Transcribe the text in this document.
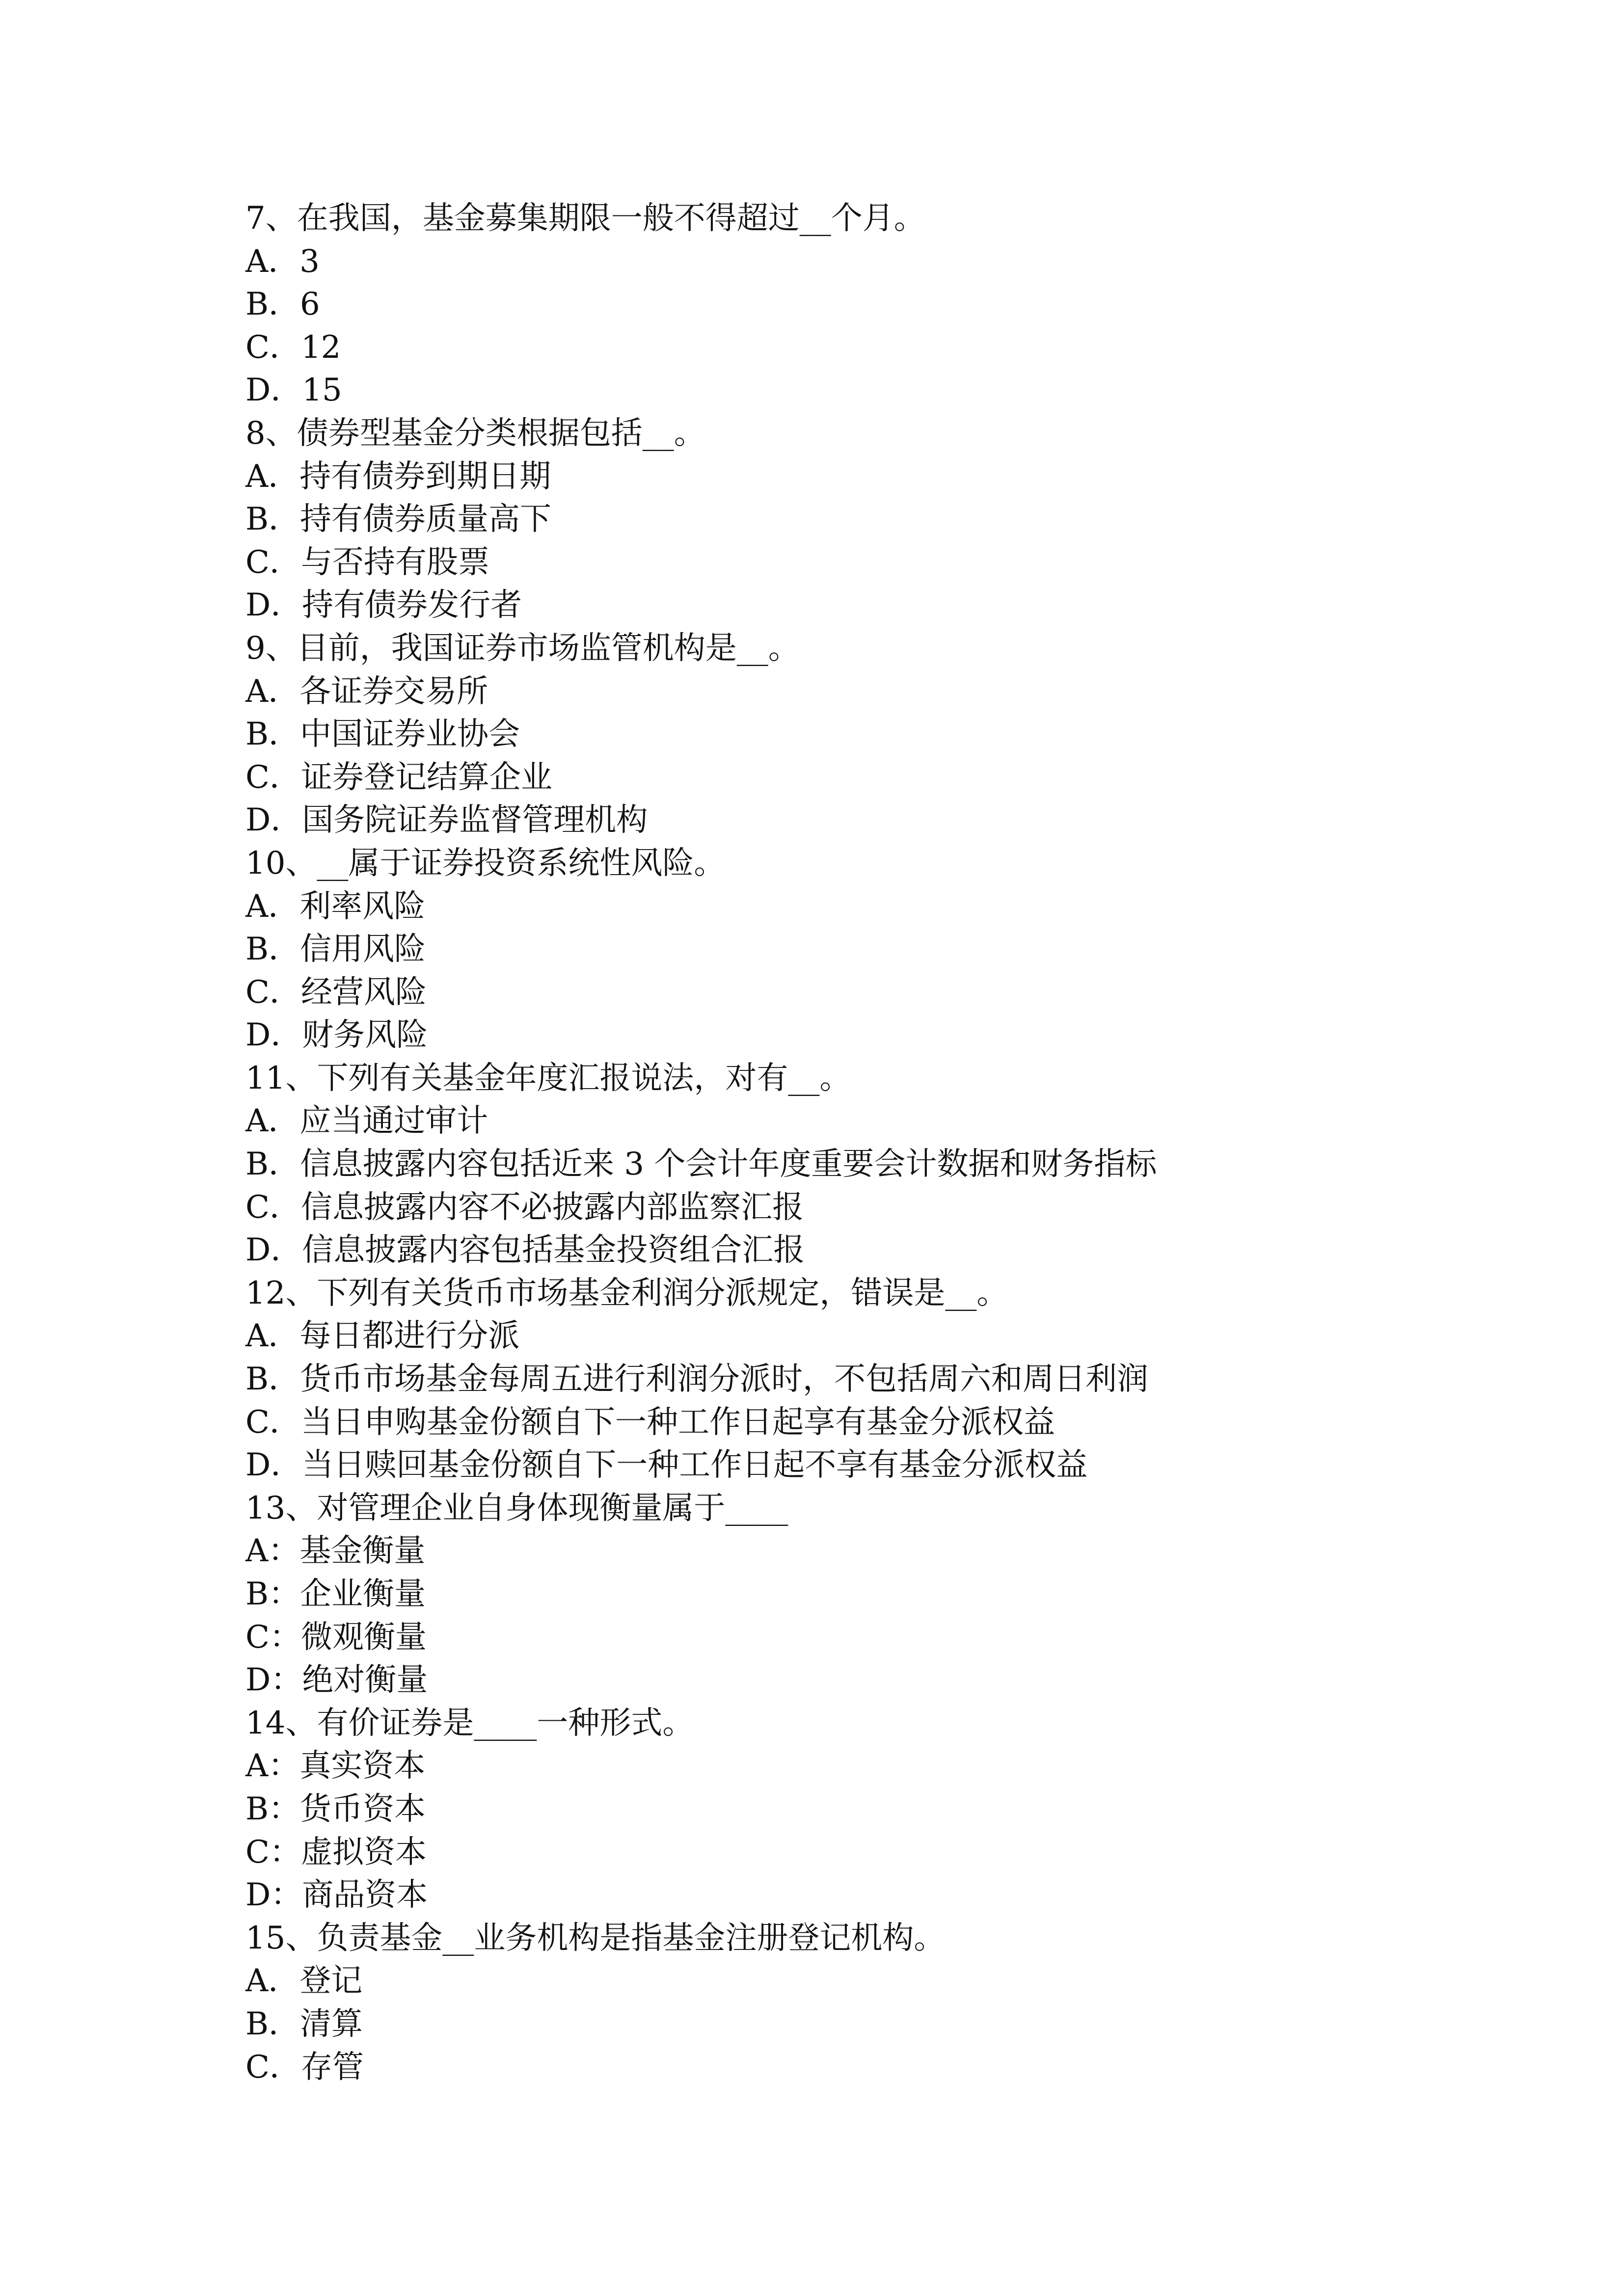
7、在我国，基金募集期限一般不得超过__个月。

A．3

B．6

C．12

D．15

8、债券型基金分类根据包括__。

A．持有债券到期日期

B．持有债券质量高下

C．与否持有股票

D．持有债券发行者

9、目前，我国证券市场监管机构是__。

A．各证券交易所

B．中国证券业协会

C．证券登记结算企业

D．国务院证券监督管理机构

10、__属于证券投资系统性风险。

A．利率风险

B．信用风险

C．经营风险

D．财务风险

11、下列有关基金年度汇报说法，对有__。

A．应当通过审计

B．信息披露内容包括近来 3 个会计年度重要会计数据和财务指标

C．信息披露内容不必披露内部监察汇报

D．信息披露内容包括基金投资组合汇报

12、下列有关货币市场基金利润分派规定，错误是__。

A．每日都进行分派

B．货币市场基金每周五进行利润分派时，不包括周六和周日利润

C．当日申购基金份额自下一种工作日起享有基金分派权益

D．当日赎回基金份额自下一种工作日起不享有基金分派权益

13、对管理企业自身体现衡量属于____

A：基金衡量

B：企业衡量

C：微观衡量

D：绝对衡量

14、有价证券是____一种形式。

A：真实资本

B：货币资本

C：虚拟资本

D：商品资本

15、负责基金__业务机构是指基金注册登记机构。

A．登记

B．清算

C．存管
